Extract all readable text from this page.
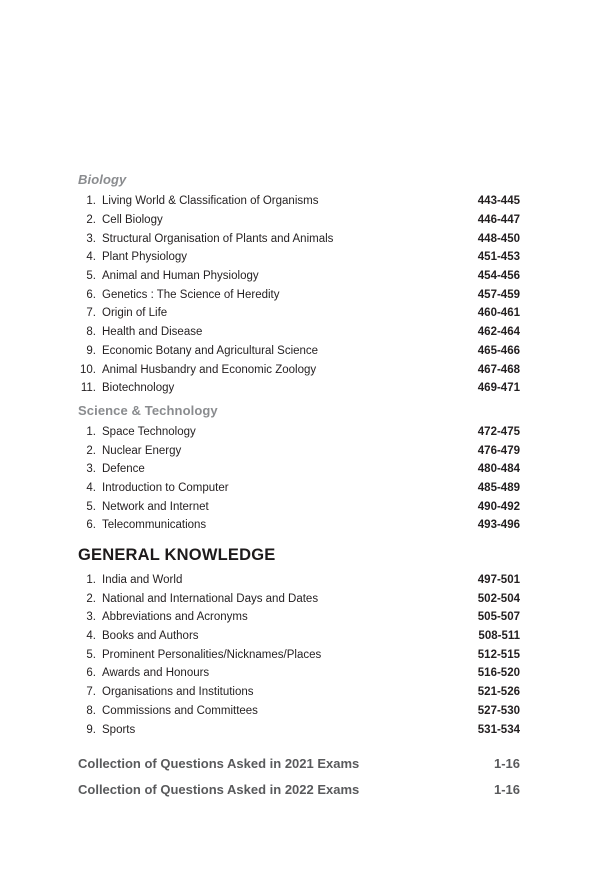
Biology
1. Living World & Classification of Organisms	443-445
2. Cell Biology	446-447
3. Structural Organisation of Plants and Animals	448-450
4. Plant Physiology	451-453
5. Animal and Human Physiology	454-456
6. Genetics : The Science of Heredity	457-459
7. Origin of Life	460-461
8. Health and Disease	462-464
9. Economic Botany and Agricultural Science	465-466
10. Animal Husbandry and Economic Zoology	467-468
11. Biotechnology	469-471
Science & Technology
1. Space Technology	472-475
2. Nuclear Energy	476-479
3. Defence	480-484
4. Introduction to Computer	485-489
5. Network and Internet	490-492
6. Telecommunications	493-496
GENERAL KNOWLEDGE
1. India and World	497-501
2. National and International Days and Dates	502-504
3. Abbreviations and Acronyms	505-507
4. Books and Authors	508-511
5. Prominent Personalities/Nicknames/Places	512-515
6. Awards and Honours	516-520
7. Organisations and Institutions	521-526
8. Commissions and Committees	527-530
9. Sports	531-534
Collection of Questions Asked in 2021 Exams	1-16
Collection of Questions Asked in 2022 Exams	1-16
